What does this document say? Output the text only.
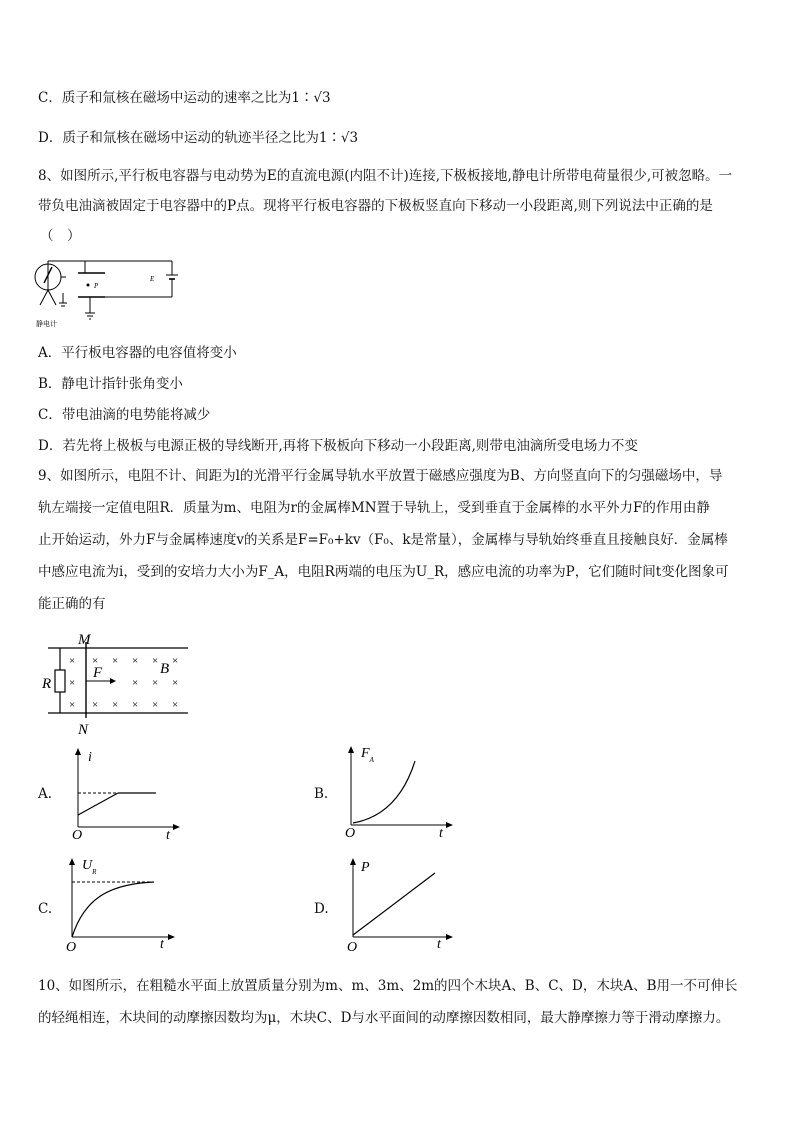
C．质子和氚核在磁场中运动的速率之比为1∶√3
D．质子和氚核在磁场中运动的轨迹半径之比为1∶√3
8、如图所示,平行板电容器与电动势为E的直流电源(内阻不计)连接,下极板接地,静电计所带电荷量很少,可被忽略。一
带负电油滴被固定于电容器中的P点。现将平行板电容器的下极板竖直向下移动一小段距离,则下列说法中正确的是
（　）
P
E
静电计
A．平行板电容器的电容值将变小
B．静电计指针张角变小
C．带电油滴的电势能将减少
D．若先将上极板与电源正极的导线断开,再将下极板向下移动一小段距离,则带电油滴所受电场力不变
9、如图所示，电阻不计、间距为l的光滑平行金属导轨水平放置于磁感应强度为B、方向竖直向下的匀强磁场中，导
轨左端接一定值电阻R．质量为m、电阻为r的金属棒MN置于导轨上，受到垂直于金属棒的水平外力F的作用由静
止开始运动，外力F与金属棒速度v的关系是F=F₀+kv（F₀、k是常量），金属棒与导轨始终垂直且接触良好．金属棒
中感应电流为i，受到的安培力大小为F_A，电阻R两端的电压为U_R，感应电流的功率为P，它们随时间t变化图象可
能正确的有
R
M
N
F	B
×
×
×
×
×
× × × ×
× × ×
× × × ×
A.
i
O	t
B.
$F_A$
O	t
C.
$U_R$
O	t
D.
P
O	t
10、如图所示，在粗糙水平面上放置质量分别为m、m、3m、2m的四个木块A、B、C、D，木块A、B用一不可伸长
的轻绳相连，木块间的动摩擦因数均为μ，木块C、D与水平面间的动摩擦因数相同，最大静摩擦力等于滑动摩擦力。
